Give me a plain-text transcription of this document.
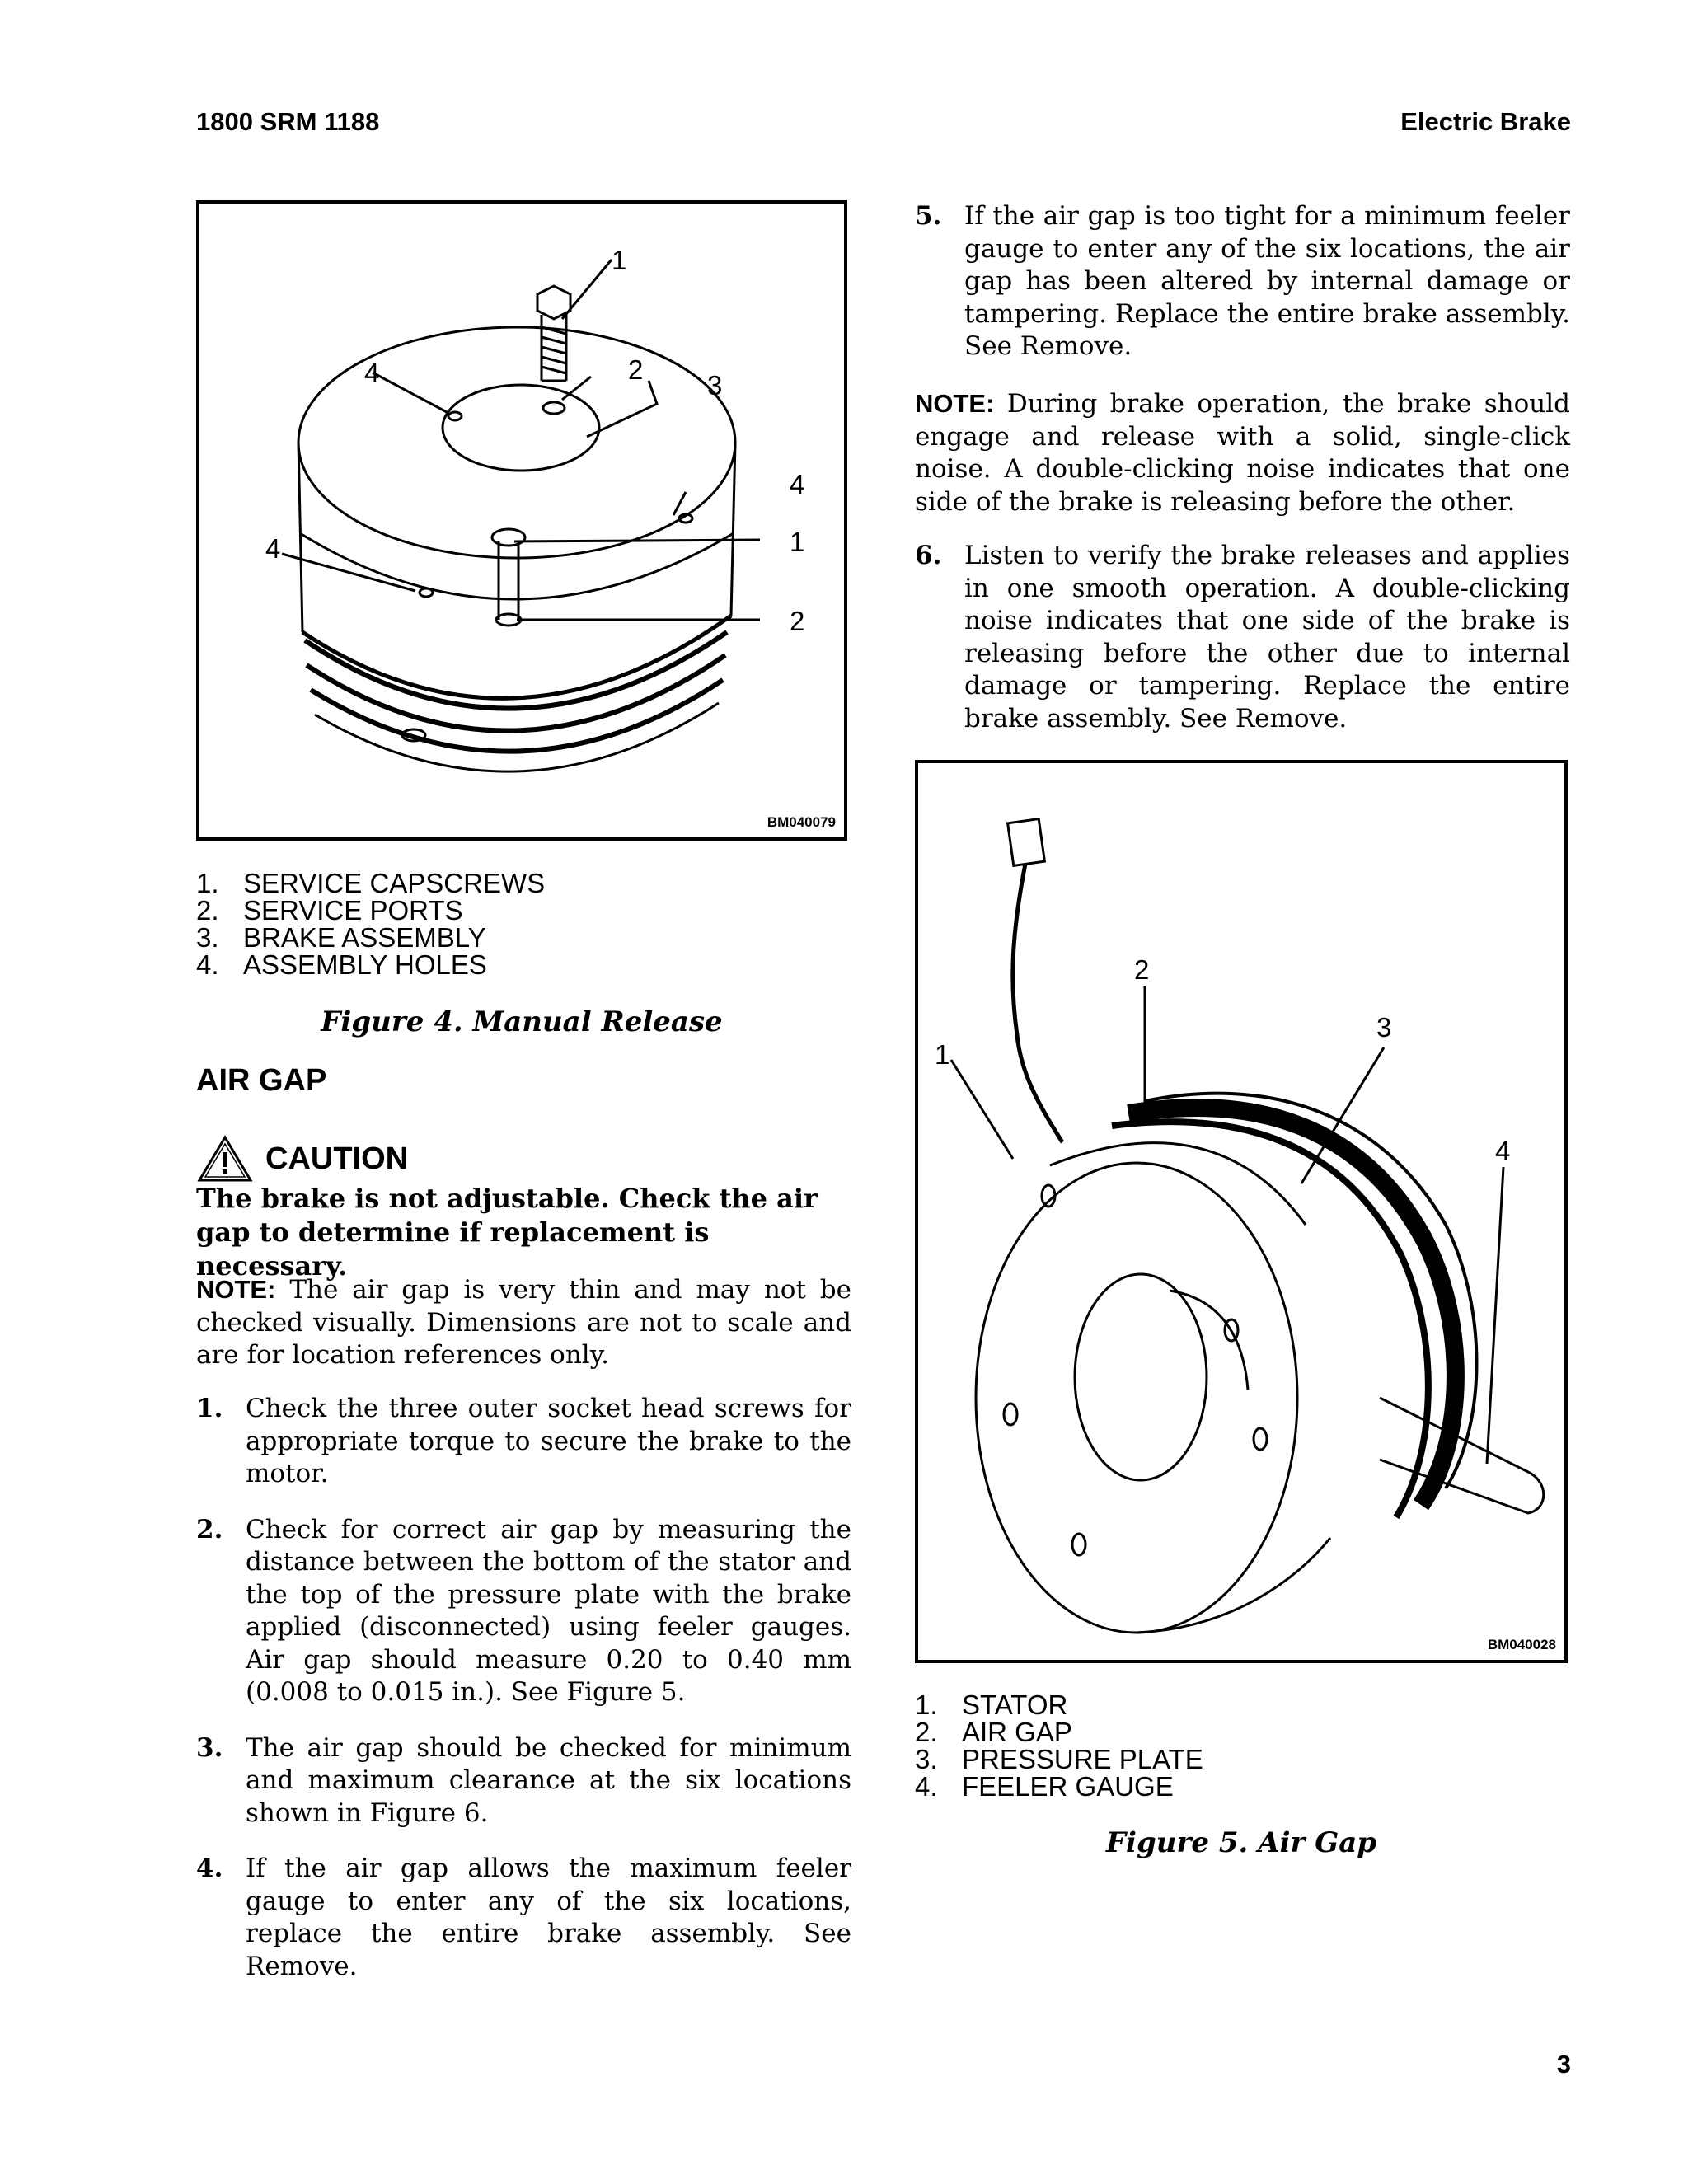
1800 SRM 1188	Electric Brake
1
2
3
4
4
4	1
2
BM040079
1. SERVICE CAPSCREWS
2. SERVICE PORTS
3. BRAKE ASSEMBLY
4. ASSEMBLY HOLES
Figure 4. Manual Release
AIR GAP
CAUTION
The brake is not adjustable. Check the air gap to determine if replacement is necessary.
NOTE: The air gap is very thin and may not be checked visually. Dimensions are not to scale and are for location references only.
1. Check the three outer socket head screws for appropriate torque to secure the brake to the motor.
2. Check for correct air gap by measuring the distance between the bottom of the stator and the top of the pressure plate with the brake applied (disconnected) using feeler gauges. Air gap should measure 0.20 to 0.40 mm (0.008 to 0.015 in.). See Figure 5.
3. The air gap should be checked for minimum and maximum clearance at the six locations shown in Figure 6.
4. If the air gap allows the maximum feeler gauge to enter any of the six locations, replace the entire brake assembly. See Remove.
5. If the air gap is too tight for a minimum feeler gauge to enter any of the six locations, the air gap has been altered by internal damage or tampering. Replace the entire brake assembly. See Remove.
NOTE: During brake operation, the brake should engage and release with a solid, single-click noise. A double-clicking noise indicates that one side of the brake is releasing before the other.
6. Listen to verify the brake releases and applies in one smooth operation. A double-clicking noise indicates that one side of the brake is releasing before the other due to internal damage or tampering. Replace the entire brake assembly. See Remove.
1
2
3
4
BM040028
1. STATOR
2. AIR GAP
3. PRESSURE PLATE
4. FEELER GAUGE
Figure 5. Air Gap
3
